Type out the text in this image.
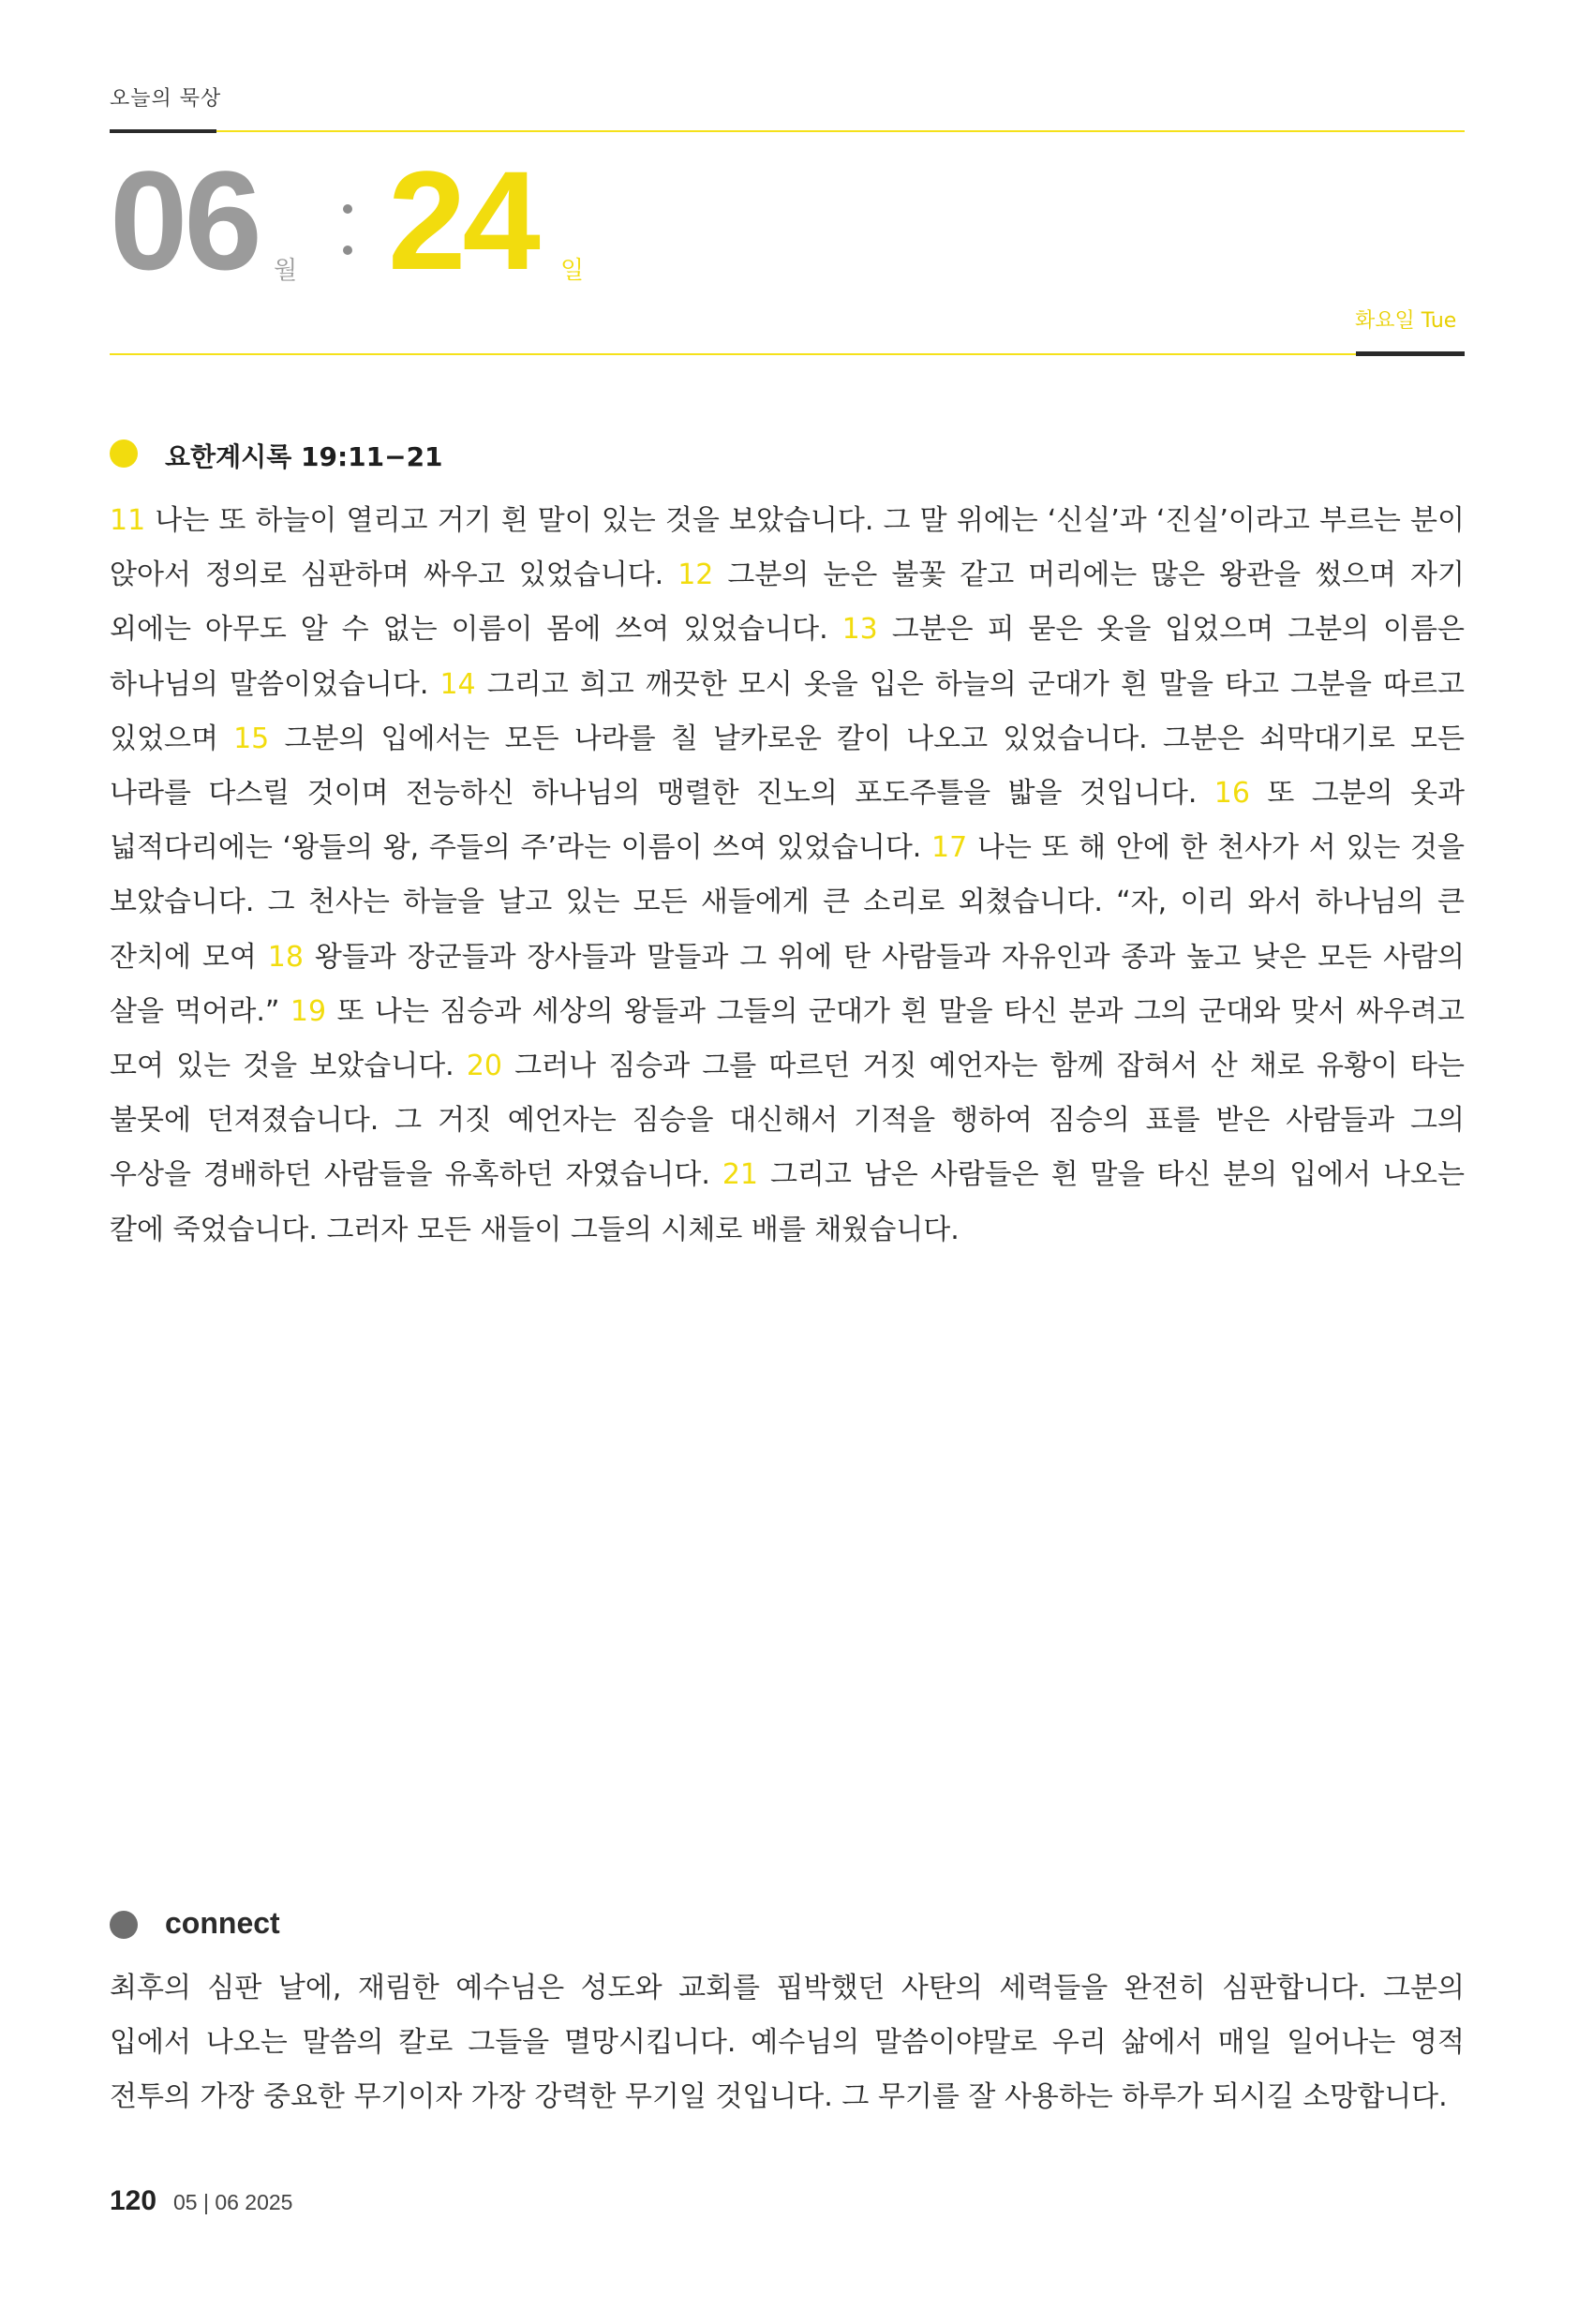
오늘의 묵상
06 월 24 일
화요일 Tue
요한계시록 19:11−21
11 나는 또 하늘이 열리고 거기 흰 말이 있는 것을 보았습니다. 그 말 위에는 ‘신실’과 ‘진실’이라고 부르는 분이 앉아서 정의로 심판하며 싸우고 있었습니다. 12 그분의 눈은 불꽃 같고 머리에는 많은 왕관을 썼으며 자기 외에는 아무도 알 수 없는 이름이 몸에 쓰여 있었습니다. 13 그분은 피 묻은 옷을 입었으며 그분의 이름은 하나님의 말씀이었습니다. 14 그리고 희고 깨끗한 모시 옷을 입은 하늘의 군대가 흰 말을 타고 그분을 따르고 있었으며 15 그분의 입에서는 모든 나라를 칠 날카로운 칼이 나오고 있었습니다. 그분은 쇠막대기로 모든 나라를 다스릴 것이며 전능하신 하나님의 맹렬한 진노의 포도주틀을 밟을 것입니다. 16 또 그분의 옷과 넓적다리에는 ‘왕들의 왕, 주들의 주’라는 이름이 쓰여 있었습니다. 17 나는 또 해 안에 한 천사가 서 있는 것을 보았습니다. 그 천사는 하늘을 날고 있는 모든 새들에게 큰 소리로 외쳤습니다. “자, 이리 와서 하나님의 큰 잔치에 모여 18 왕들과 장군들과 장사들과 말들과 그 위에 탄 사람들과 자유인과 종과 높고 낮은 모든 사람의 살을 먹어라.” 19 또 나는 짐승과 세상의 왕들과 그들의 군대가 흰 말을 타신 분과 그의 군대와 맞서 싸우려고 모여 있는 것을 보았습니다. 20 그러나 짐승과 그를 따르던 거짓 예언자는 함께 잡혀서 산 채로 유황이 타는 불못에 던져졌습니다. 그 거짓 예언자는 짐승을 대신해서 기적을 행하여 짐승의 표를 받은 사람들과 그의 우상을 경배하던 사람들을 유혹하던 자였습니다. 21 그리고 남은 사람들은 흰 말을 타신 분의 입에서 나오는 칼에 죽었습니다. 그러자 모든 새들이 그들의 시체로 배를 채웠습니다.
connect
최후의 심판 날에, 재림한 예수님은 성도와 교회를 핍박했던 사탄의 세력들을 완전히 심판합니다. 그분의 입에서 나오는 말씀의 칼로 그들을 멸망시킵니다. 예수님의 말씀이야말로 우리 삶에서 매일 일어나는 영적 전투의 가장 중요한 무기이자 가장 강력한 무기일 것입니다. 그 무기를 잘 사용하는 하루가 되시길 소망합니다.
120 05 | 06 2025
